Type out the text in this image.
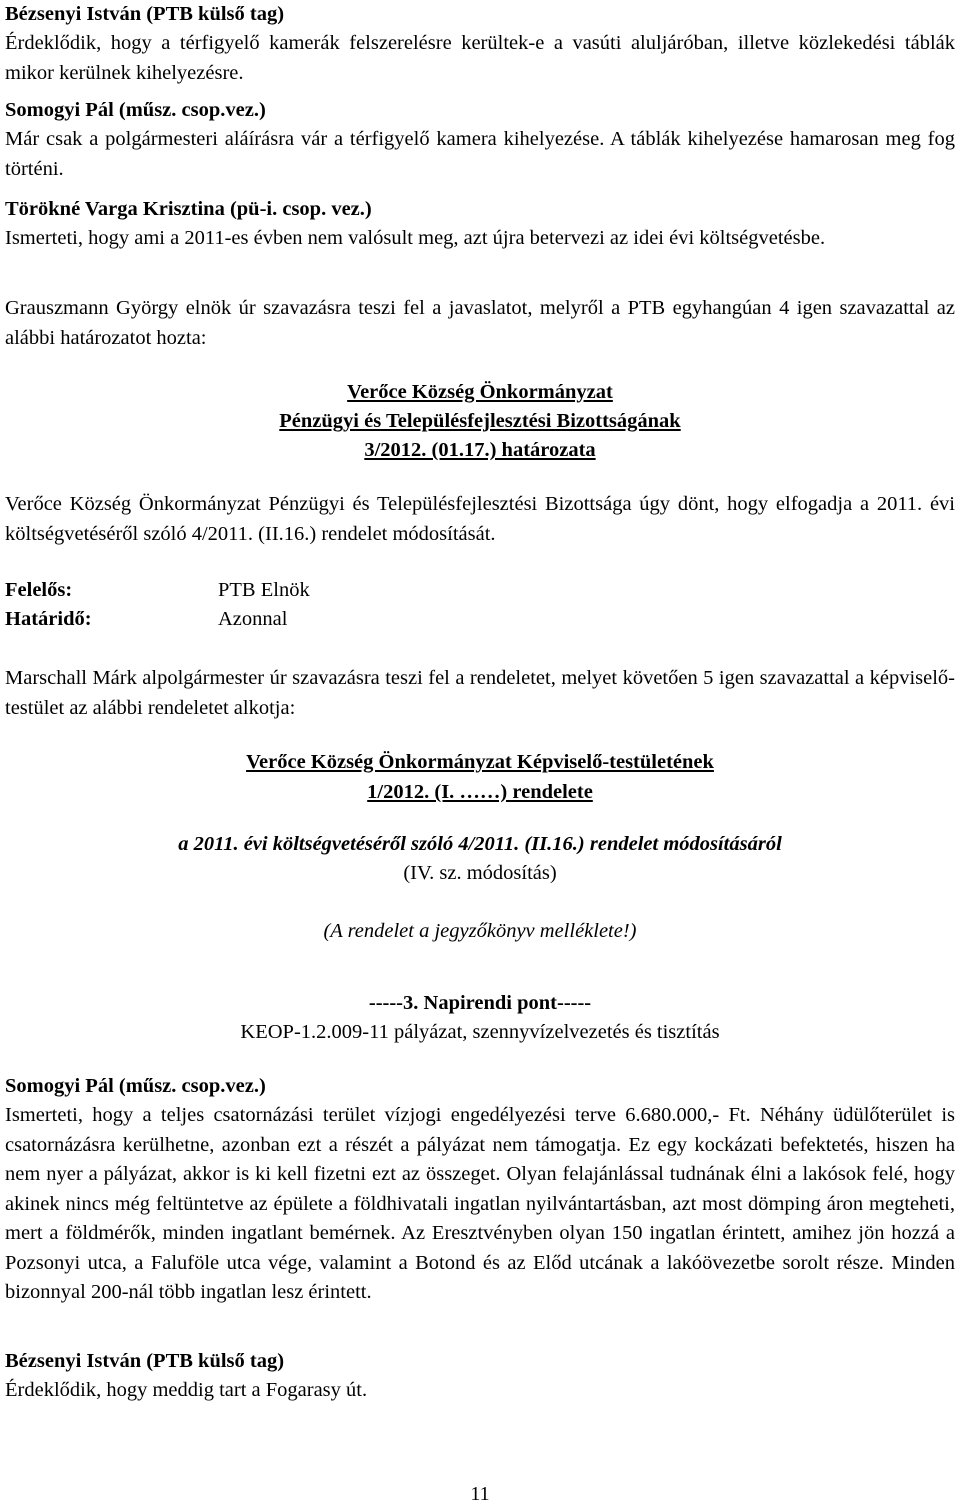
Bézsenyi István (PTB külső tag)

Érdeklődik, hogy a térfigyelő kamerák felszerelésre kerültek-e a vasúti aluljáróban, illetve közlekedési táblák mikor kerülnek kihelyezésre.

Somogyi Pál (műsz. csop.vez.)

Már csak a polgármesteri aláírásra vár a térfigyelő kamera kihelyezése. A táblák kihelyezése hamarosan meg fog történi.

Törökné Varga Krisztina (pü-i. csop. vez.)

Ismerteti, hogy ami a 2011-es évben nem valósult meg, azt újra betervezi az idei évi költségvetésbe.

Grauszmann György elnök úr szavazásra teszi fel a javaslatot, melyről a PTB egyhangúan 4 igen szavazattal az alábbi határozatot hozta:

Verőce Község Önkormányzat

Pénzügyi és Településfejlesztési Bizottságának

3/2012. (01.17.) határozata

Verőce Község Önkormányzat Pénzügyi és Településfejlesztési Bizottsága úgy dönt, hogy elfogadja a 2011. évi költségvetéséről szóló 4/2011. (II.16.) rendelet módosítását.

Felelős:	PTB Elnök
Határidő:	Azonnal

Marschall Márk alpolgármester úr szavazásra teszi fel a rendeletet, melyet követően 5 igen szavazattal a képviselő-testület az alábbi rendeletet alkotja:

Verőce Község Önkormányzat Képviselő-testületének

1/2012. (I. ……) rendelete

a 2011. évi költségvetéséről szóló 4/2011. (II.16.) rendelet módosításáról

(IV. sz. módosítás)

(A rendelet a jegyzőkönyv melléklete!)

-----3. Napirendi pont-----

KEOP-1.2.009-11 pályázat, szennyvízelvezetés és tisztítás

Somogyi Pál (műsz. csop.vez.)

Ismerteti, hogy a teljes csatornázási terület vízjogi engedélyezési terve 6.680.000,- Ft. Néhány üdülőterület is csatornázásra kerülhetne, azonban ezt a részét a pályázat nem támogatja. Ez egy kockázati befektetés, hiszen ha nem nyer a pályázat, akkor is ki kell fizetni ezt az összeget. Olyan felajánlással tudnának élni a lakósok felé, hogy akinek nincs még feltüntetve az épülete a földhivatali ingatlan nyilvántartásban, azt most dömping áron megteheti, mert a földmérők, minden ingatlant bemérnek. Az Eresztvényben olyan 150 ingatlan érintett, amihez jön hozzá a Pozsonyi utca, a Faluföle utca vége, valamint a Botond és az Előd utcának a lakóövezetbe sorolt része. Minden bizonnyal 200-nál több ingatlan lesz érintett.

Bézsenyi István (PTB külső tag)

Érdeklődik, hogy meddig tart a Fogarasy út.

11
